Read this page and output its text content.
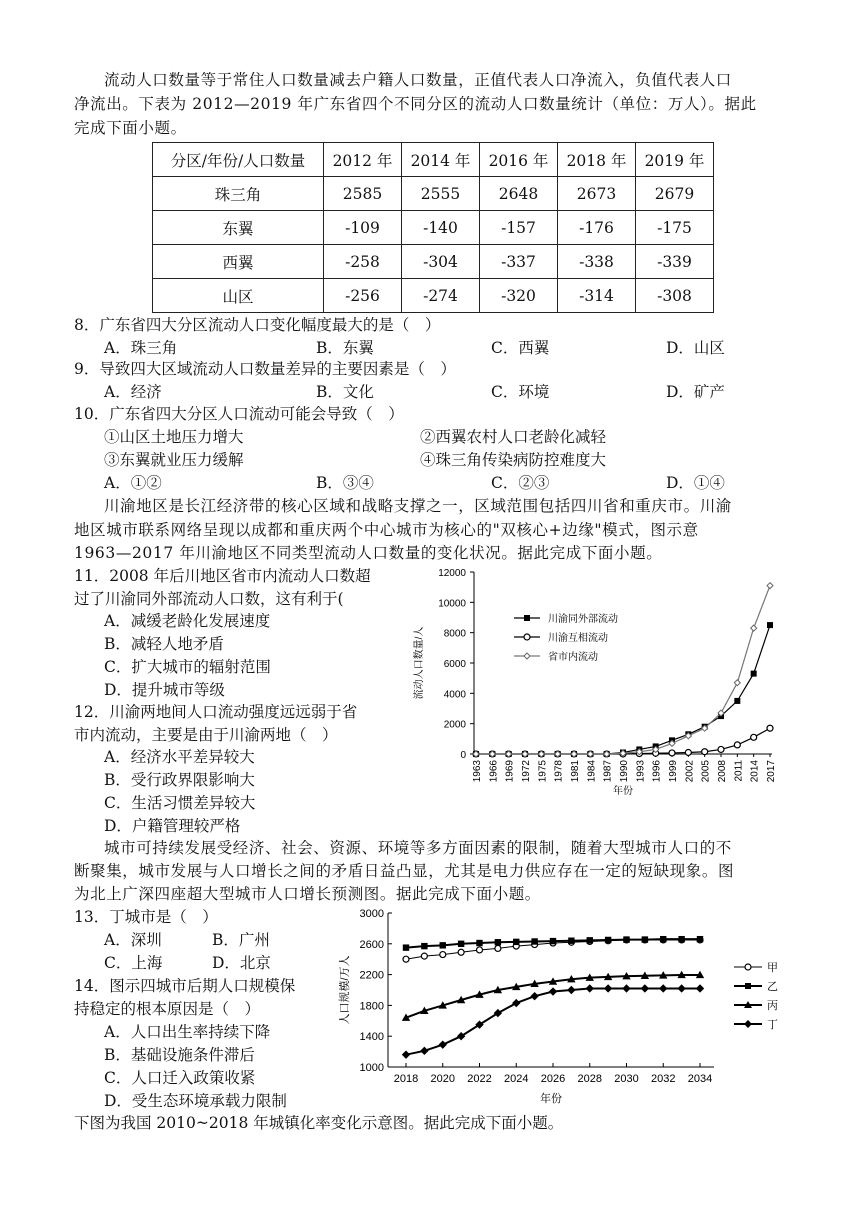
流动人口数量等于常住人口数量减去户籍人口数量，正值代表人口净流入，负值代表人口
净流出。下表为 2012—2019 年广东省四个不同分区的流动人口数量统计（单位：万人）。据此
完成下面小题。
分区/年份/人口数量	2012 年	2014 年	2016 年	2018 年	2019 年
珠三角	2585	2555	2648	2673	2679
东翼	-109	-140	-157	-176	-175
西翼	-258	-304	-337	-338	-339
山区	-256	-274	-320	-314	-308
8．广东省四大分区流动人口变化幅度最大的是（　）
A．珠三角	B．东翼	C．西翼	D．山区
9．导致四大区域流动人口数量差异的主要因素是（　）
A．经济	B．文化	C．环境	D．矿产
10．广东省四大分区人口流动可能会导致（　）
①山区土地压力增大	②西翼农村人口老龄化减轻
③东翼就业压力缓解	④珠三角传染病防控难度大
A．①②	B．③④	C．②③	D．①④
川渝地区是长江经济带的核心区域和战略支撑之一，区域范围包括四川省和重庆市。川渝
地区城市联系网络呈现以成都和重庆两个中心城市为核心的"双核心+边缘"模式，图示意
1963—2017 年川渝地区不同类型流动人口数量的变化状况。据此完成下面小题。
11．2008 年后川地区省市内流动人口数超
过了川渝同外部流动人口数，这有利于(
A．减缓老龄化发展速度
B．减轻人地矛盾
C．扩大城市的辐射范围
D．提升城市等级
12．川渝两地间人口流动强度远远弱于省
市内流动，主要是由于川渝两地（　）
A．经济水平差异较大
B．受行政界限影响大
C．生活习惯差异较大
D．户籍管理较严格
城市可持续发展受经济、社会、资源、环境等多方面因素的限制，随着大型城市人口的不
断聚集，城市发展与人口增长之间的矛盾日益凸显，尤其是电力供应存在一定的短缺现象。图
为北上广深四座超大型城市人口增长预测图。据此完成下面小题。
13．丁城市是（　）
A．深圳	B．广州
C．上海	D．北京
14．图示四城市后期人口规模保
持稳定的根本原因是（　）
A．人口出生率持续下降
B．基础设施条件滞后
C．人口迁入政策收紧
D．受生态环境承载力限制
下图为我国 2010~2018 年城镇化率变化示意图。据此完成下面小题。
0
2000
4000
6000
8000
10000
12000
1963 1966 1969 1972 1975 1978 1981 1984 1987 1990 1993 1996 1999 2002 2005 2008 2011 2014 2017
年份
流动人口数量/人
川渝同外部流动
川渝互相流动
省市内流动
1000
1400
1800
2200
2600
3000
2018 2020 2022 2024 2026 2028 2030 2032 2034
年份
人口规模/万人	甲
乙
丙
丁
